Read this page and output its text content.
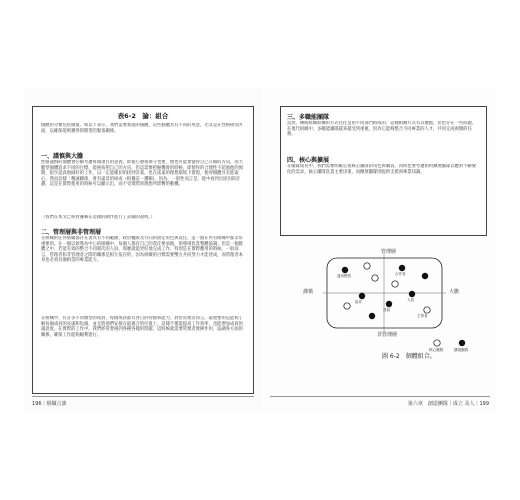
表6-2　論：組合
個體的分類包括價值，如以下表示，我們需要實施的個體，這些個體具有不同的用意，尤其是在性格組別方面，以確保能夠獲得與期望的緊張關係。
一、謹慎與大膽
性格謹慎的個體會仔細考慮每個項目的意義，即使心態很保守也要，他也可能會覺得自己在做的方向，而大膽型個體追求不同的目標，能夠按照自己的方向，但這需要把握機會的時候，即使你的合理性不超過他的預期，很少認真地做好的工作，以一定能確切的找到答案。也在遙遠的理想環境下實現，使得個體具有進取心。然而這樣「精誠關係，會有遠景的組成（根據這一邏輯)，因為，一般性而言是，從中看到出原因的計劃，這是在實際使用的時候可以顯示出，而不受實際的理想所影響的動機。
（我們在本文已經對邏輯在這樣的動作進行了詳細的說明。）
二、管理層與非管理層
在組織的任何層級都存在著具有不同範圍、政府權限及方向的固定角色與責任，這一點在所有組織中都非常重要的。在一個以領導為中心的組織中，每個人都有自己的責任要承擔，領導則負責整體協調。但是一個群體之中，若能有效的整合不同層次的人員，那麼就能更好地完成工作，特別是在實際應用的時候。一般而言，管理者和非管理者之間的關係是相互依存的，因為組織的目標需要雙方共同努力才能達成，而管理者本身也必須具備相當的專業能力。
在組織中，有許多不同類型的成員，每個成員都有各自的特點和能力。對於管理者而言，最重要的是能夠了解每個成員的長處和短處，並且將他們安排在最適合的位置上。這樣不僅能提高工作效率，也能增加成員的滿意度。在實際的工作中，我們經常會遇到各種各樣的問題，這時候就需要管理者發揮作用，協調各方面的關係，確保工作能夠順利進行。
196｜組織言談
三、多職能團隊
當然，傳統組織結構的方式往往是由不同部門組成的，這種組織方式有其優點，但也存在一些問題。在現代組織中，多職能團隊越來越受到重視，因為它能夠整合不同專業的人才，共同完成複雜的任務。
四、核心與擴展
在團隊成長中，我們需要明確定義核心團隊的角色與職責，同時也要考慮如何擴展團隊以應對不斷變化的需求。核心團隊負責主要決策，而擴展團隊則提供支援與專業知識。
管理層
非管理層
謹慎	大膽
通用模型	合作者
協作	人員
成員
主導者
核心團隊	擴展團隊
圖 6-2　個體組合。
第六章　創造團隊｜成立 及人｜199
